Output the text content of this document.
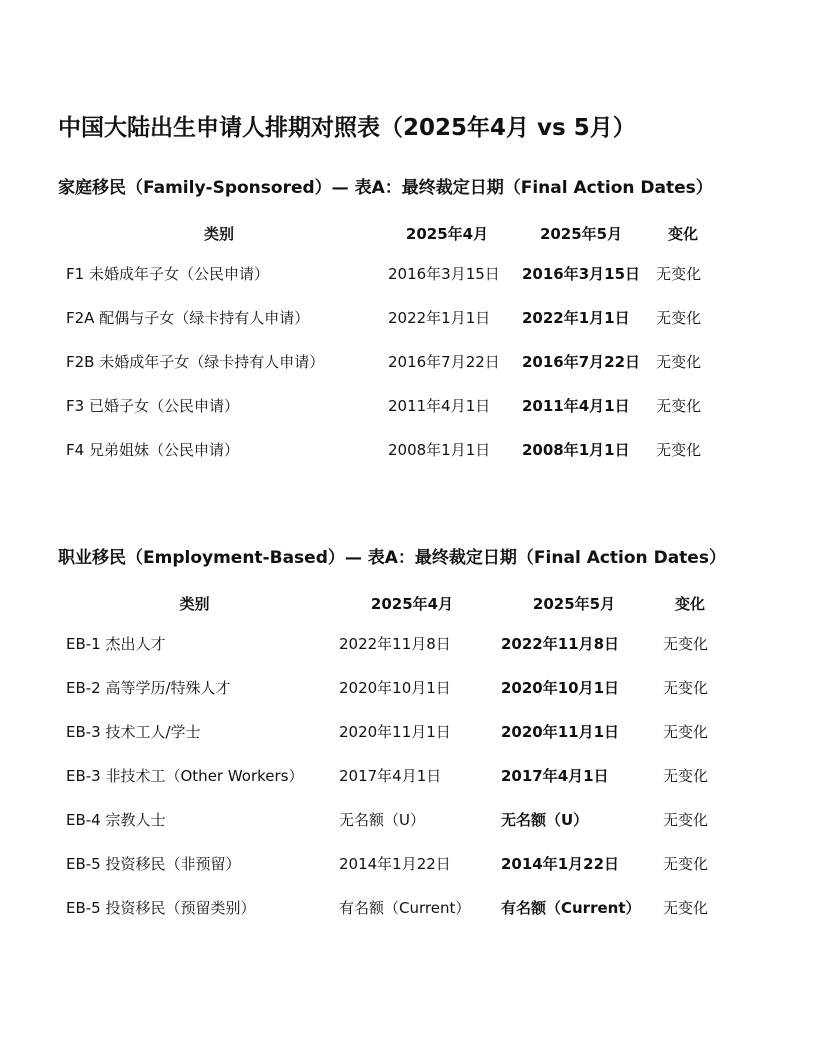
中国大陆出生申请人排期对照表（2025年4月 vs 5月）
家庭移民（Family-Sponsored）— 表A：最终裁定日期（Final Action Dates）
类别	2025年4月	2025年5月	变化
F1 未婚成年子女（公民申请）	2016年3月15日	2016年3月15日	无变化
F2A 配偶与子女（绿卡持有人申请）	2022年1月1日	2022年1月1日	无变化
F2B 未婚成年子女（绿卡持有人申请）	2016年7月22日	2016年7月22日	无变化
F3 已婚子女（公民申请）	2011年4月1日	2011年4月1日	无变化
F4 兄弟姐妹（公民申请）	2008年1月1日	2008年1月1日	无变化
职业移民（Employment-Based）— 表A：最终裁定日期（Final Action Dates）
类别	2025年4月	2025年5月	变化
EB-1 杰出人才	2022年11月8日	2022年11月8日	无变化
EB-2 高等学历/特殊人才	2020年10月1日	2020年10月1日	无变化
EB-3 技术工人/学士	2020年11月1日	2020年11月1日	无变化
EB-3 非技术工（Other Workers）	2017年4月1日	2017年4月1日	无变化
EB-4 宗教人士	无名额（U）	无名额（U）	无变化
EB-5 投资移民（非预留）	2014年1月22日	2014年1月22日	无变化
EB-5 投资移民（预留类别）	有名额（Current）	有名额（Current）	无变化
